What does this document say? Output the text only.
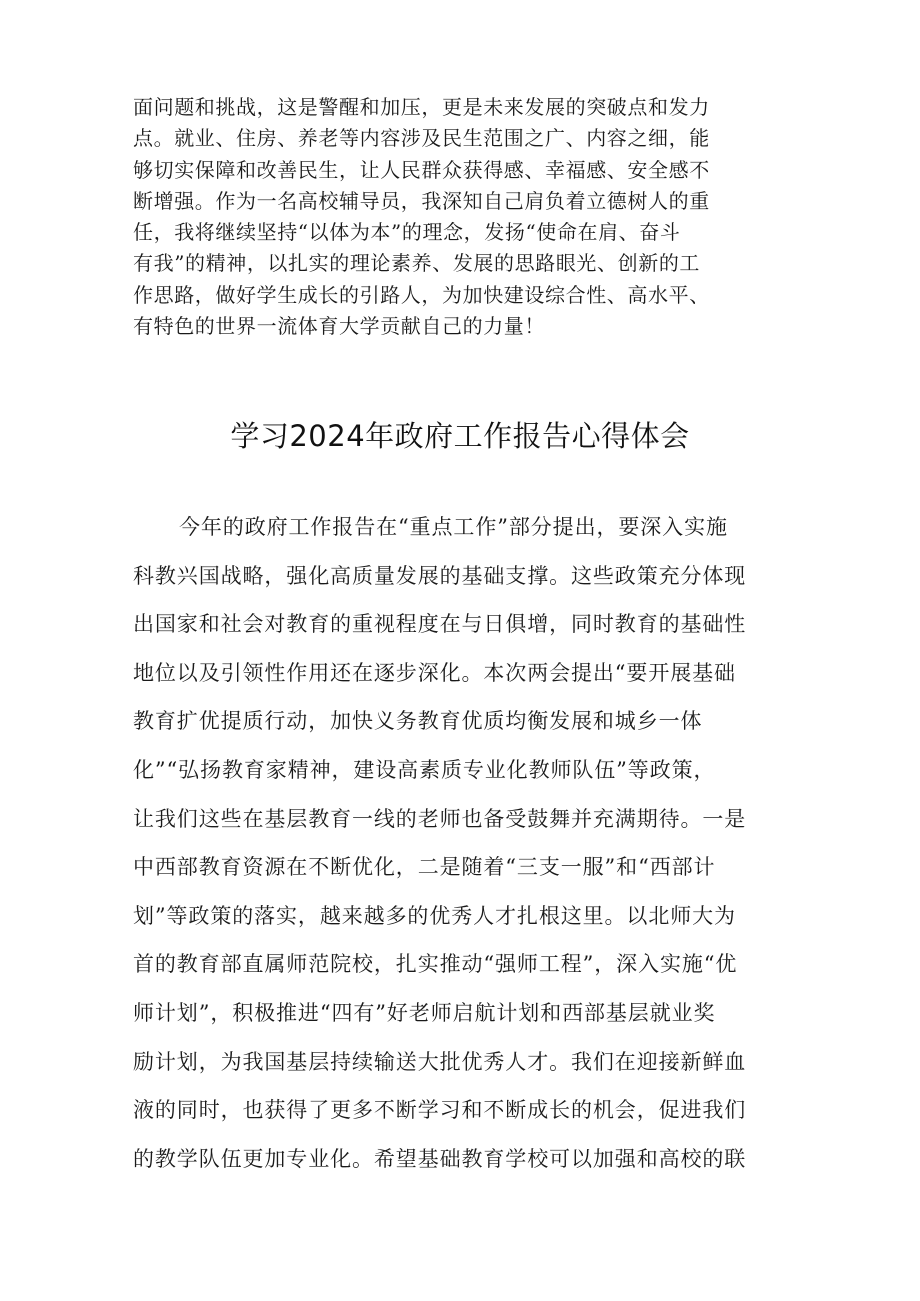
面问题和挑战，这是警醒和加压，更是未来发展的突破点和发力
点。就业、住房、养老等内容涉及民生范围之广、内容之细，能
够切实保障和改善民生，让人民群众获得感、幸福感、安全感不
断增强。作为一名高校辅导员，我深知自己肩负着立德树人的重
任，我将继续坚持“以体为本”的理念，发扬“使命在肩、奋斗
有我”的精神，以扎实的理论素养、发展的思路眼光、创新的工
作思路，做好学生成长的引路人，为加快建设综合性、高水平、
有特色的世界一流体育大学贡献自己的力量！
学习2024年政府工作报告心得体会
今年的政府工作报告在“重点工作”部分提出，要深入实施
科教兴国战略，强化高质量发展的基础支撑。这些政策充分体现
出国家和社会对教育的重视程度在与日俱增，同时教育的基础性
地位以及引领性作用还在逐步深化。本次两会提出“要开展基础
教育扩优提质行动，加快义务教育优质均衡发展和城乡一体
化”“弘扬教育家精神，建设高素质专业化教师队伍”等政策，
让我们这些在基层教育一线的老师也备受鼓舞并充满期待。一是
中西部教育资源在不断优化，二是随着“三支一服”和“西部计
划”等政策的落实，越来越多的优秀人才扎根这里。以北师大为
首的教育部直属师范院校，扎实推动“强师工程”，深入实施“优
师计划”，积极推进“四有”好老师启航计划和西部基层就业奖
励计划，为我国基层持续输送大批优秀人才。我们在迎接新鲜血
液的同时，也获得了更多不断学习和不断成长的机会，促进我们
的教学队伍更加专业化。希望基础教育学校可以加强和高校的联
